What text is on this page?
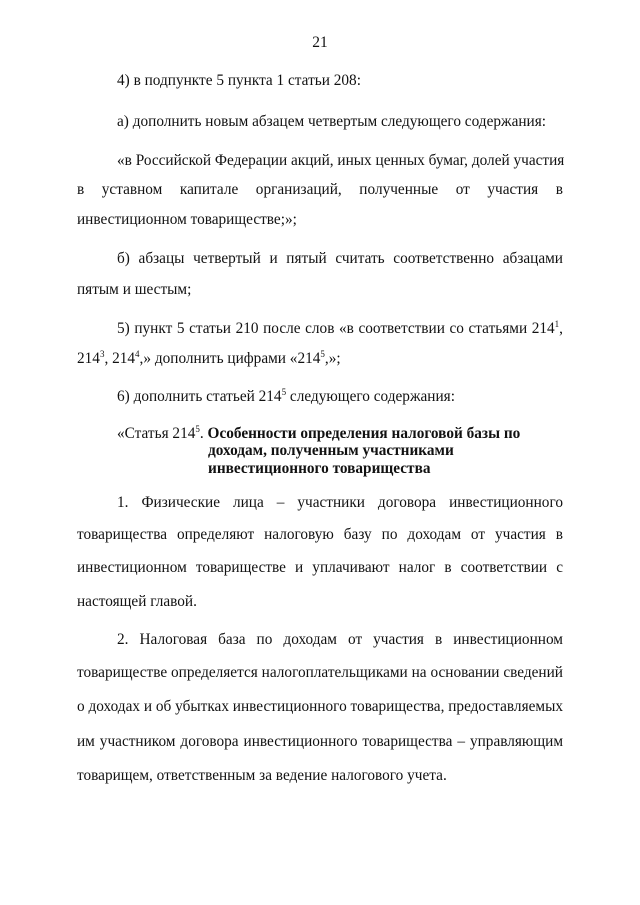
21
4) в подпункте 5 пункта 1 статьи 208:
а) дополнить новым абзацем четвертым следующего содержания:
«в Российской Федерации акций, иных ценных бумаг, долей участия
в уставном капитале организаций, полученные от участия в
инвестиционном товариществе;»;
б) абзацы четвертый и пятый считать соответственно абзацами
пятым и шестым;
5) пункт 5 статьи 210 после слов «в соответствии со статьями $214^1$,
$214^3$, $214^4$,» дополнить цифрами «$214^5$,»;
6) дополнить статьей $214^5$ следующего содержания:
«Статья $214^5$. Особенности определения налоговой базы по
доходам, полученным участниками
инвестиционного товарищества
1. Физические лица – участники договора инвестиционного
товарищества определяют налоговую базу по доходам от участия в
инвестиционном товариществе и уплачивают налог в соответствии с
настоящей главой.
2. Налоговая база по доходам от участия в инвестиционном
товариществе определяется налогоплательщиками на основании сведений
о доходах и об убытках инвестиционного товарищества, предоставляемых
им участником договора инвестиционного товарищества – управляющим
товарищем, ответственным за ведение налогового учета.
